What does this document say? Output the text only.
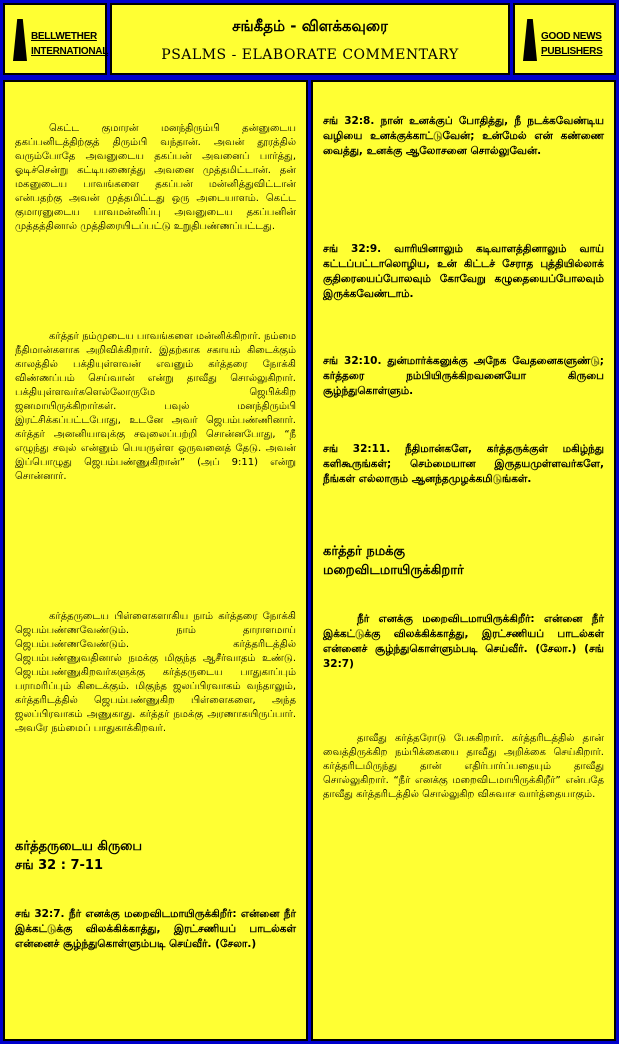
BELLWETHER
INTERNATIONAL
சங்கீதம் - விளக்கவுரை
PSALMS - ELABORATE COMMENTARY
GOOD NEWS
PUBLISHERS

கெட்ட குமாரன் மனந்திரும்பி தன்னுடைய தகப்பனிடத்திற்குத் திரும்பி வந்தான். அவன் தூரத்தில் வரும்போதே அவனுடைய தகப்பன் அவனைப் பார்த்து, ஓடிச்சென்று கட்டியணைத்து அவனை முத்தமிட்டான். தன் மகனுடைய பாவங்களை தகப்பன் மன்னித்துவிட்டான் என்பதற்கு அவன் முத்தமிட்டது ஒரு அடையாளம். கெட்ட குமாரனுடைய பாவமன்னிப்பு அவனுடைய தகப்பனின் முத்தத்தினால் முத்திரையிடப்பட்டு உறுதிபண்ணப்பட்டது.

கர்த்தர் நம்முடைய பாவங்களை மன்னிக்கிறார். நம்மை நீதிமான்களாக அறிவிக்கிறார். இதற்காக சகாயம் கிடைக்கும் காலத்தில் பக்தியுள்ளவன் எவனும் கர்த்தரை நோக்கி விண்ணப்பம் செய்வான் என்று தாவீது சொல்லுகிறார். பக்தியுள்ளவர்களெல்லோருமே ஜெபிக்கிற ஜனமாயிருக்கிறார்கள். பவுல் மனந்திரும்பி இரட்சிக்கப்பட்டபோது, உடனே அவர் ஜெபம்பண்ணினார். கர்த்தர் அனனியாவுக்கு சவுலைப்பற்றி சொன்னபோது, “நீ எழுந்து சவுல் என்னும் பெயருள்ள ஒருவனைத் தேடு. அவன் இப்பொழுது ஜெபம்பண்ணுகிறான்” (அப் 9:11) என்று சொன்னார்.

கர்த்தருடைய பிள்ளைகளாகிய நாம் கர்த்தரை நோக்கி ஜெபம்பண்ணவேண்டும். நாம் தாராளமாய் ஜெபம்பண்ணவேண்டும். கர்த்தரிடத்தில் ஜெபம்பண்ணுவதினால் நமக்கு மிகுந்த ஆசீர்வாதம் உண்டு. ஜெபம்பண்ணுகிறவர்களுக்கு கர்த்தருடைய பாதுகாப்பும் பராமரிப்பும் கிடைக்கும். மிகுந்த ஜலப்பிரவாகம் வந்தாலும், கர்த்தரிடத்தில் ஜெபம்பண்ணுகிற பிள்ளைகளை, அந்த ஜலப்பிரவாகம் அணுகாது. கர்த்தர் நமக்கு அரணாகயிருப்பார். அவரே நம்மைப் பாதுகாக்கிறவர்.

கர்த்தருடைய கிருபை
சங் 32 : 7-11

சங் 32:7. நீர் எனக்கு மறைவிடமாயிருக்கிறீர்: என்னை நீர் இக்கட்டுக்கு விலக்கிக்காத்து, இரட்சணியப் பாடல்கள் என்னைச் சூழ்ந்துகொள்ளும்படி செய்வீர். (சேலா.)

சங் 32:8. நான் உனக்குப் போதித்து, நீ நடக்கவேண்டிய வழியை உனக்குக்காட்டுவேன்; உன்மேல் என் கண்ணை வைத்து, உனக்கு ஆலோசனை சொல்லுவேன்.

சங் 32:9. வாரியினாலும் கடிவாளத்தினாலும் வாய் கட்டப்பட்டாலொழிய, உன் கிட்டச் சேராத புத்தியில்லாக் குதிரையைப்போலவும் கோவேறு கழுதையைப்போலவும் இருக்கவேண்டாம்.

சங் 32:10. துன்மார்க்கனுக்கு அநேக வேதனைகளுண்டு; கர்த்தரை நம்பியிருக்கிறவனையோ கிருபை சூழ்ந்துகொள்ளும்.

சங் 32:11. நீதிமான்களே, கர்த்தருக்குள் மகிழ்ந்து களிகூருங்கள்; செம்மையான இருதயமுள்ளவர்களே, நீங்கள் எல்லாரும் ஆனந்தமுழக்கமிடுங்கள்.

கர்த்தர் நமக்கு
மறைவிடமாயிருக்கிறார்

நீர் எனக்கு மறைவிடமாயிருக்கிறீர்: என்னை நீர் இக்கட்டுக்கு விலக்கிக்காத்து, இரட்சணியப் பாடல்கள் என்னைச் சூழ்ந்துகொள்ளும்படி செய்வீர். (சேலா.) (சங் 32:7)

தாவீது கர்த்தரோடு பேசுகிறார். கர்த்தரிடத்தில் தான் வைத்திருக்கிற நம்பிக்கையை தாவீது அறிக்கை செய்கிறார். கர்த்தரிடமிருந்து தான் எதிர்பார்ப்பதையும் தாவீது சொல்லுகிறார். “நீர் எனக்கு மறைவிடமாயிருக்கிறீர்” என்பதே தாவீது கர்த்தரிடத்தில் சொல்லுகிற விசுவாச வார்த்தையாகும்.
